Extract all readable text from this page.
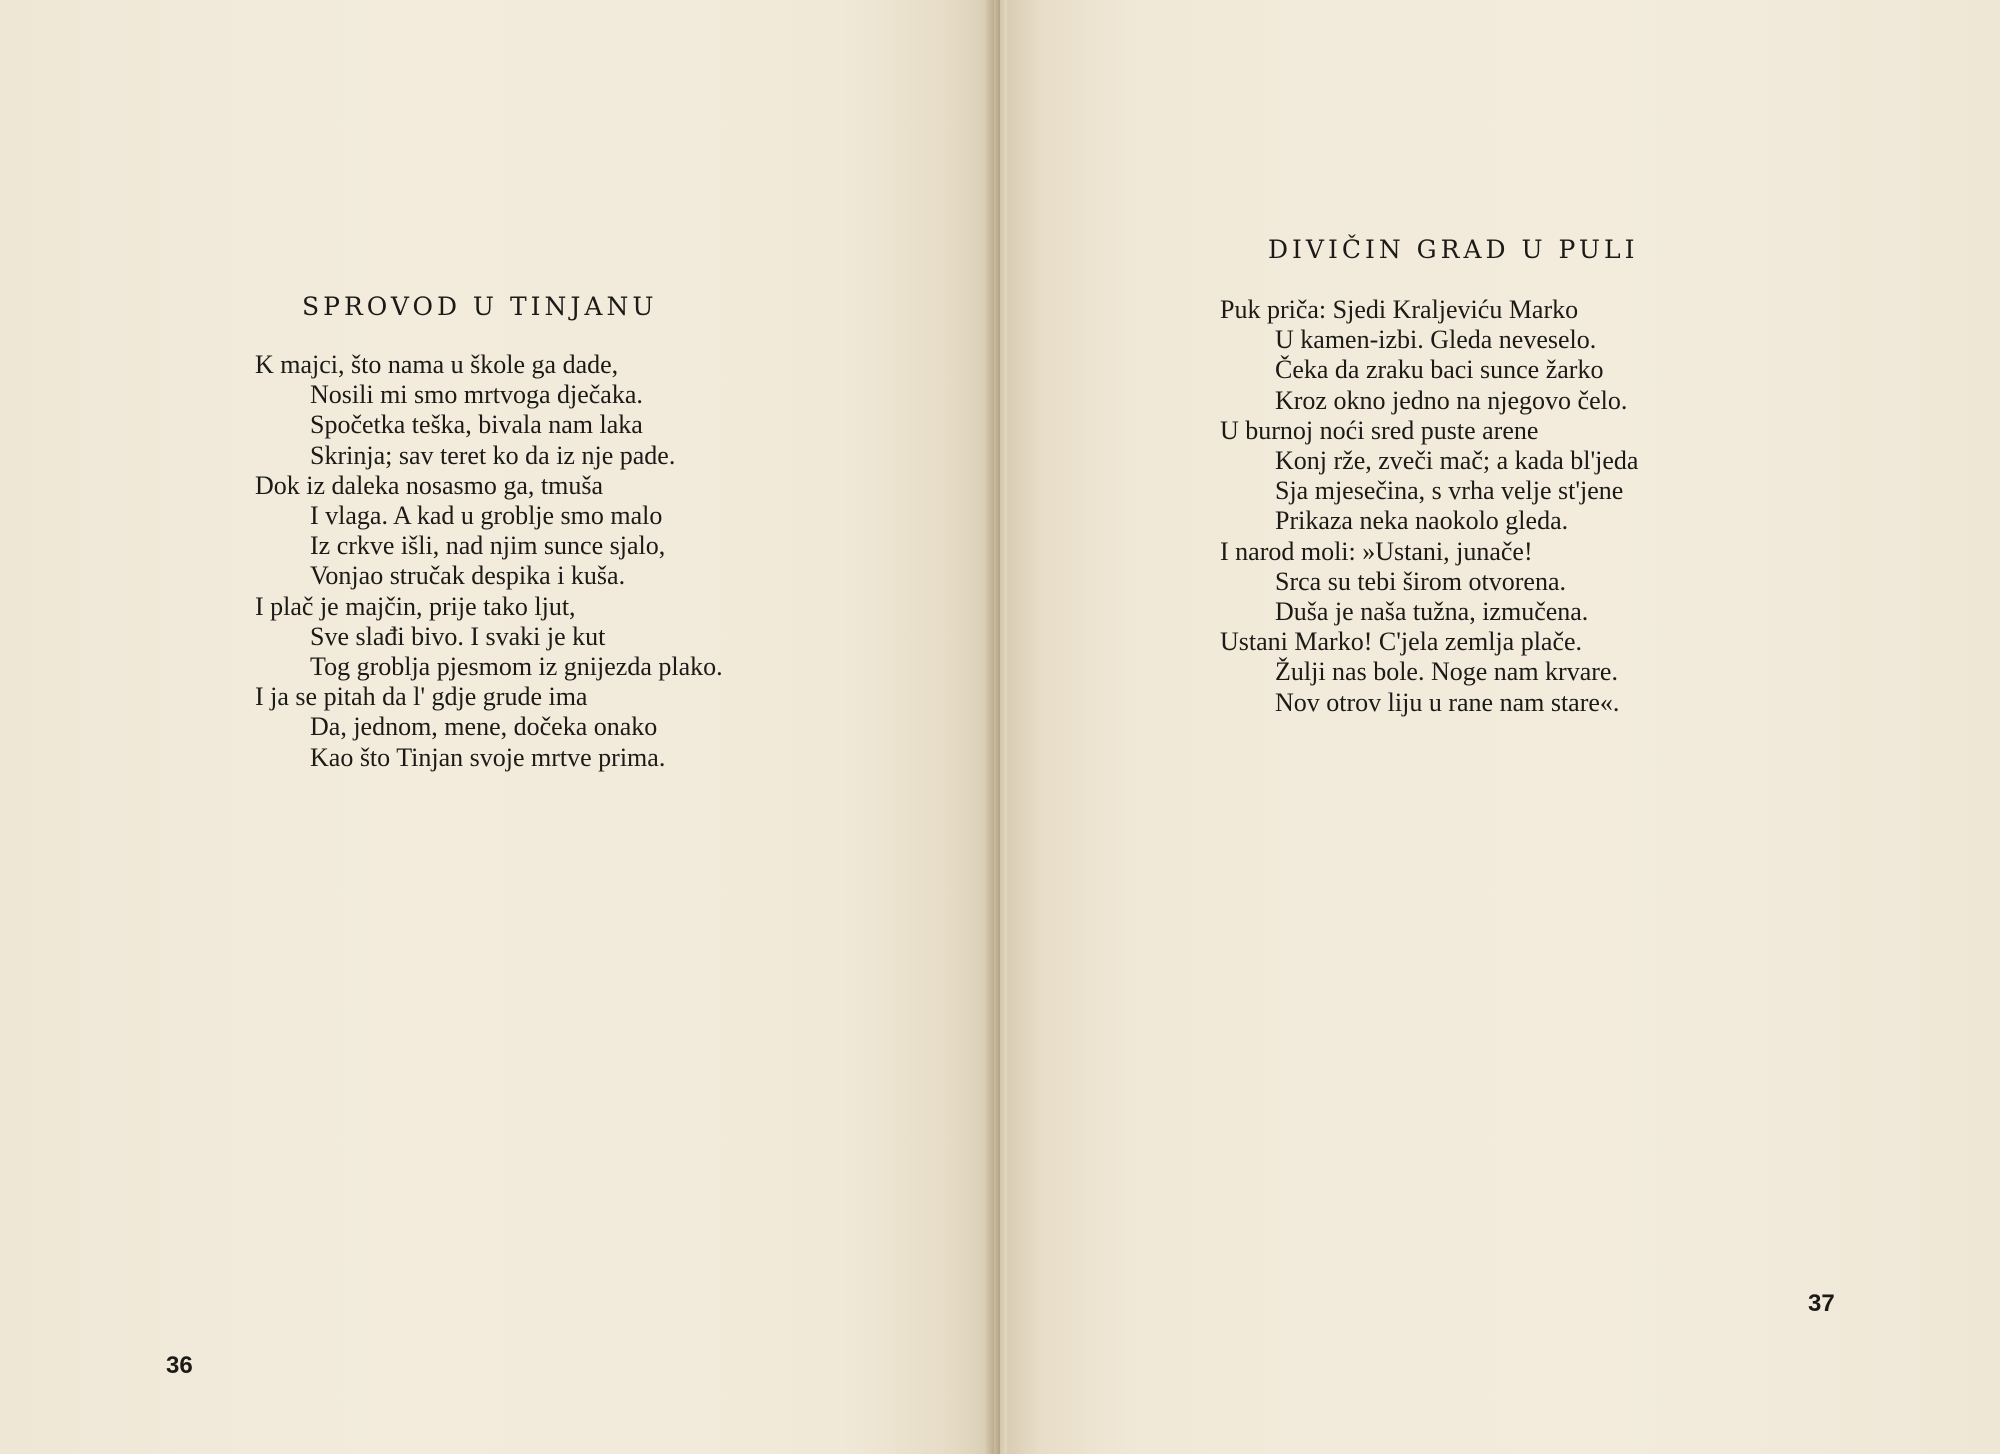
SPROVOD U TINJANU
K majci, što nama u škole ga dade,
Nosili mi smo mrtvoga dječaka.
Spočetka teška, bivala nam laka
Skrinja; sav teret ko da iz nje pade.
Dok iz daleka nosasmo ga, tmuša
I vlaga. A kad u groblje smo malo
Iz crkve išli, nad njim sunce sjalo,
Vonjao stručak despika i kuša.
I plač je majčin, prije tako ljut,
Sve slađi bivo. I svaki je kut
Tog groblja pjesmom iz gnijezda plako.
I ja se pitah da l' gdje grude ima
Da, jednom, mene, dočeka onako
Kao što Tinjan svoje mrtve prima.
36
DIVIČIN GRAD U PULI
Puk priča: Sjedi Kraljeviću Marko
U kamen-izbi. Gleda neveselo.
Čeka da zraku baci sunce žarko
Kroz okno jedno na njegovo čelo.
U burnoj noći sred puste arene
Konj rže, zveči mač; a kada bl'jeda
Sja mjesečina, s vrha velje st'jene
Prikaza neka naokolo gleda.
I narod moli: »Ustani, junače!
Srca su tebi širom otvorena.
Duša je naša tužna, izmučena.
Ustani Marko! C'jela zemlja plače.
Žulji nas bole. Noge nam krvare.
Nov otrov liju u rane nam stare«.
37
